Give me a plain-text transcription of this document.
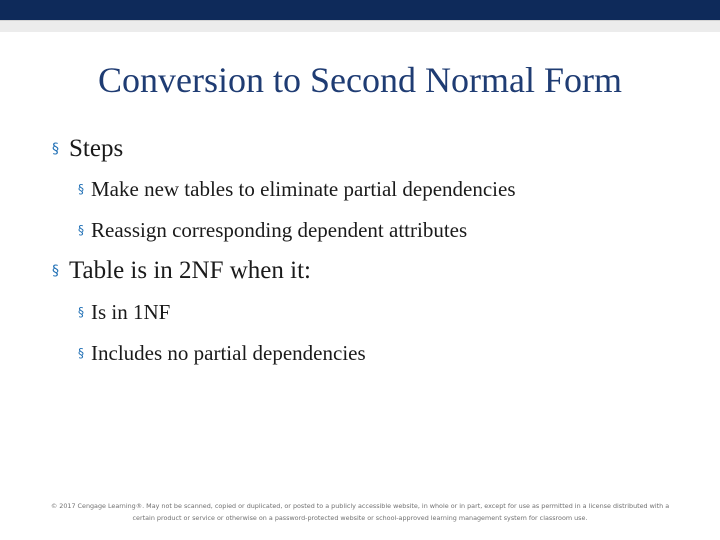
Conversion to Second Normal Form
§ Steps
§ Make new tables to eliminate partial dependencies
§ Reassign corresponding dependent attributes
§ Table is in 2NF when it:
§ Is in 1NF
§ Includes no partial dependencies
© 2017 Cengage Learning®. May not be scanned, copied or duplicated, or posted to a publicly accessible website, in whole or in part, except for use as permitted in a license distributed with a
certain product or service or otherwise on a password-protected website or school-approved learning management system for classroom use.
